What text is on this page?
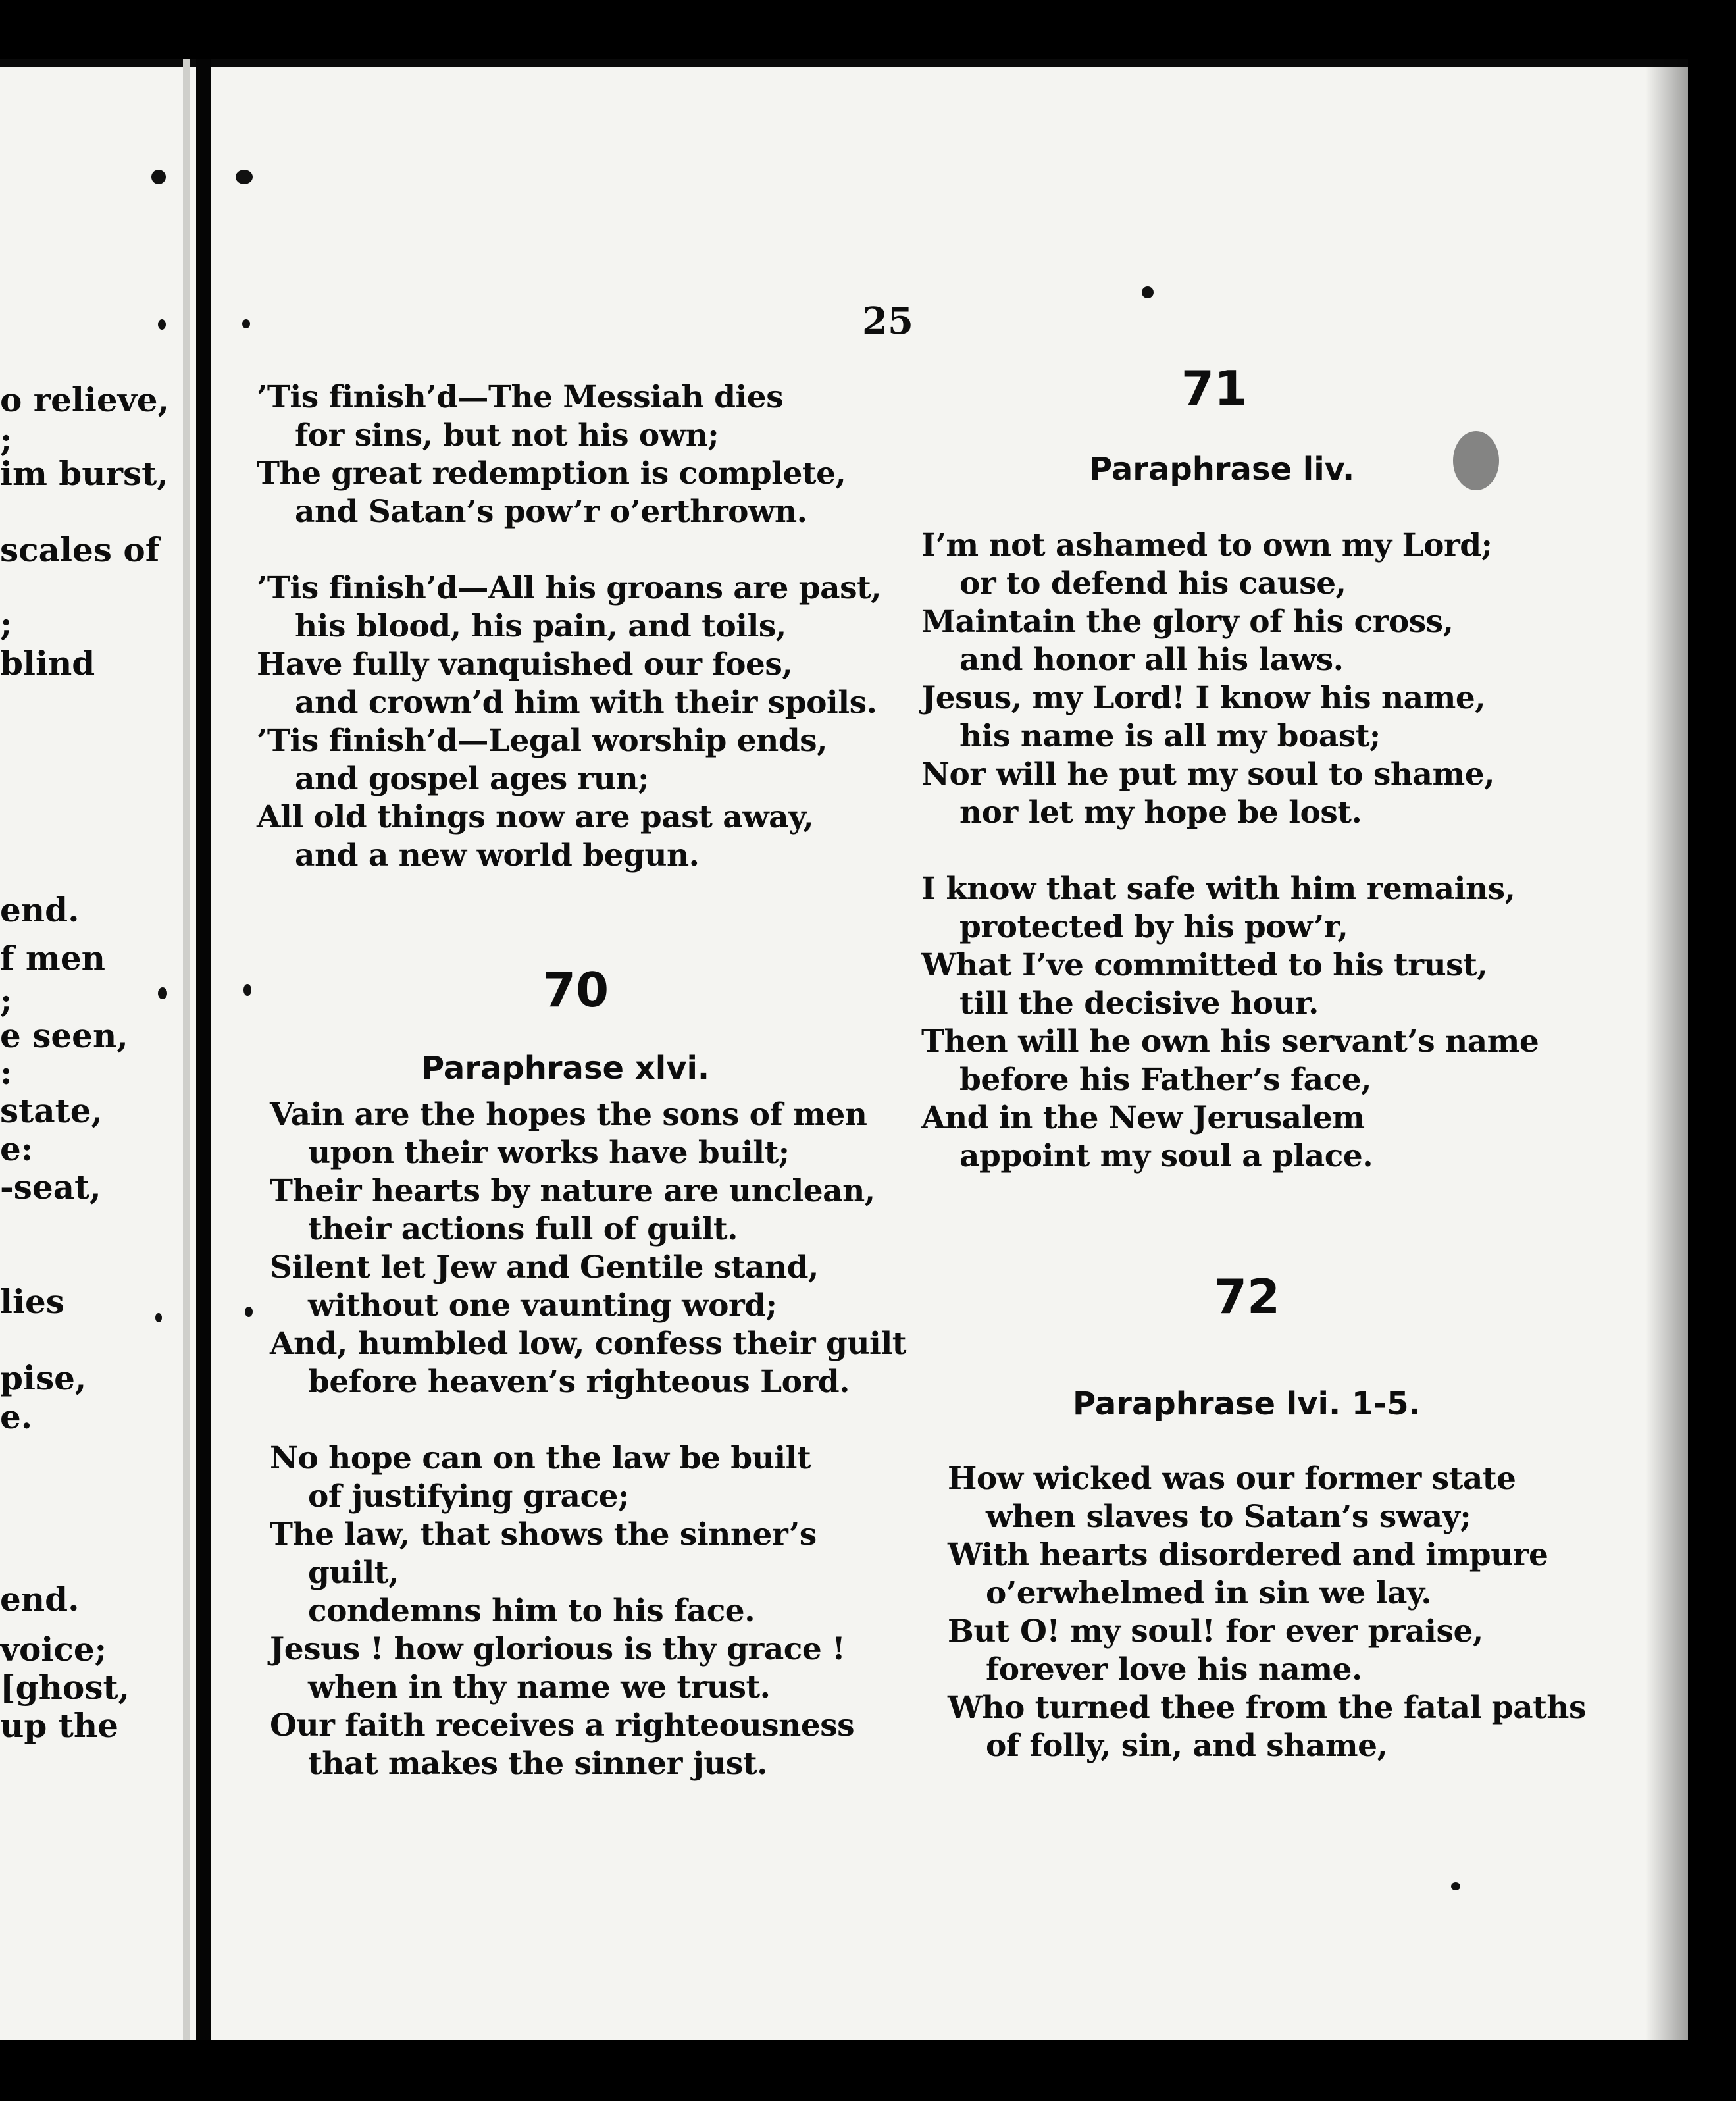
o relieve,
;
im burst,
scales of
;
blind
end.
f men
;
e seen,
:
state,
e:
-seat,
lies
pise,
e.
end.
voice;
[ghost,
up the
25
’Tis finish’d—The Messiah dies
for sins, but not his own;
The great redemption is complete,
and Satan’s pow’r o’erthrown.
’Tis finish’d—All his groans are past,
his blood, his pain, and toils,
Have fully vanquished our foes,
and crown’d him with their spoils.
’Tis finish’d—Legal worship ends,
and gospel ages run;
All old things now are past away,
and a new world begun.
70
Paraphrase xlvi.
Vain are the hopes the sons of men
upon their works have built;
Their hearts by nature are unclean,
their actions full of guilt.
Silent let Jew and Gentile stand,
without one vaunting word;
And, humbled low, confess their guilt
before heaven’s righteous Lord.
No hope can on the law be built
of justifying grace;
The law, that shows the sinner’s
guilt,
condemns him to his face.
Jesus ! how glorious is thy grace !
when in thy name we trust.
Our faith receives a righteousness
that makes the sinner just.
71
Paraphrase liv.
I’m not ashamed to own my Lord;
or to defend his cause,
Maintain the glory of his cross,
and honor all his laws.
Jesus, my Lord! I know his name,
his name is all my boast;
Nor will he put my soul to shame,
nor let my hope be lost.
I know that safe with him remains,
protected by his pow’r,
What I’ve committed to his trust,
till the decisive hour.
Then will he own his servant’s name
before his Father’s face,
And in the New Jerusalem
appoint my soul a place.
72
Paraphrase lvi. 1-5.
How wicked was our former state
when slaves to Satan’s sway;
With hearts disordered and impure
o’erwhelmed in sin we lay.
But O! my soul! for ever praise,
forever love his name.
Who turned thee from the fatal paths
of folly, sin, and shame,
